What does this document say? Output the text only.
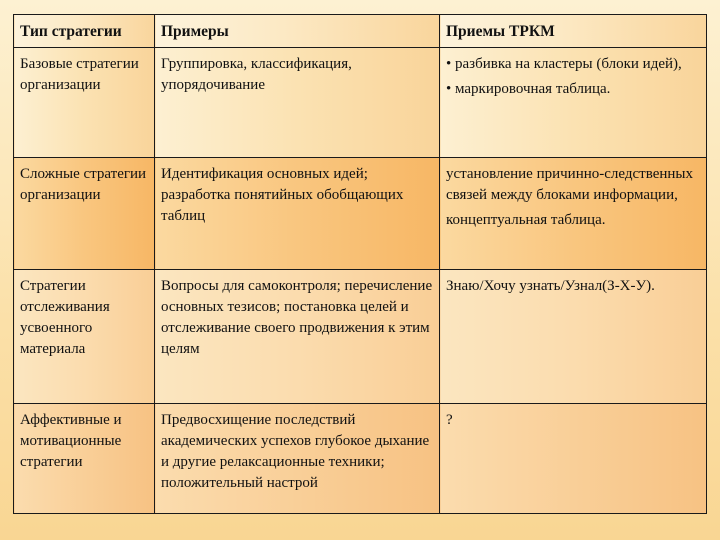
Тип стратегии	Примеры	Приемы ТРКМ
Базовые стратегии организации	Группировка, классификация, упорядочивание	• разбивка на кластеры (блоки идей),
• маркировочная таблица.

Сложные стратегии организации	Идентификация основных идей; разработка понятийных обобщающих таблиц	установление причинно-следственных связей между блоками информации,
концептуальная таблица.

Стратегии отслеживания усвоенного материала	Вопросы для самоконтроля; перечисление основных тезисов; постановка целей и отслеживание своего продвижения к этим целям	Знаю/Хочу узнать/Узнал(З-Х-У).
Аффективные и мотивационные стратегии	Предвосхищение последствий академических успехов глубокое дыхание и другие релаксационные техники; положительный настрой	?
